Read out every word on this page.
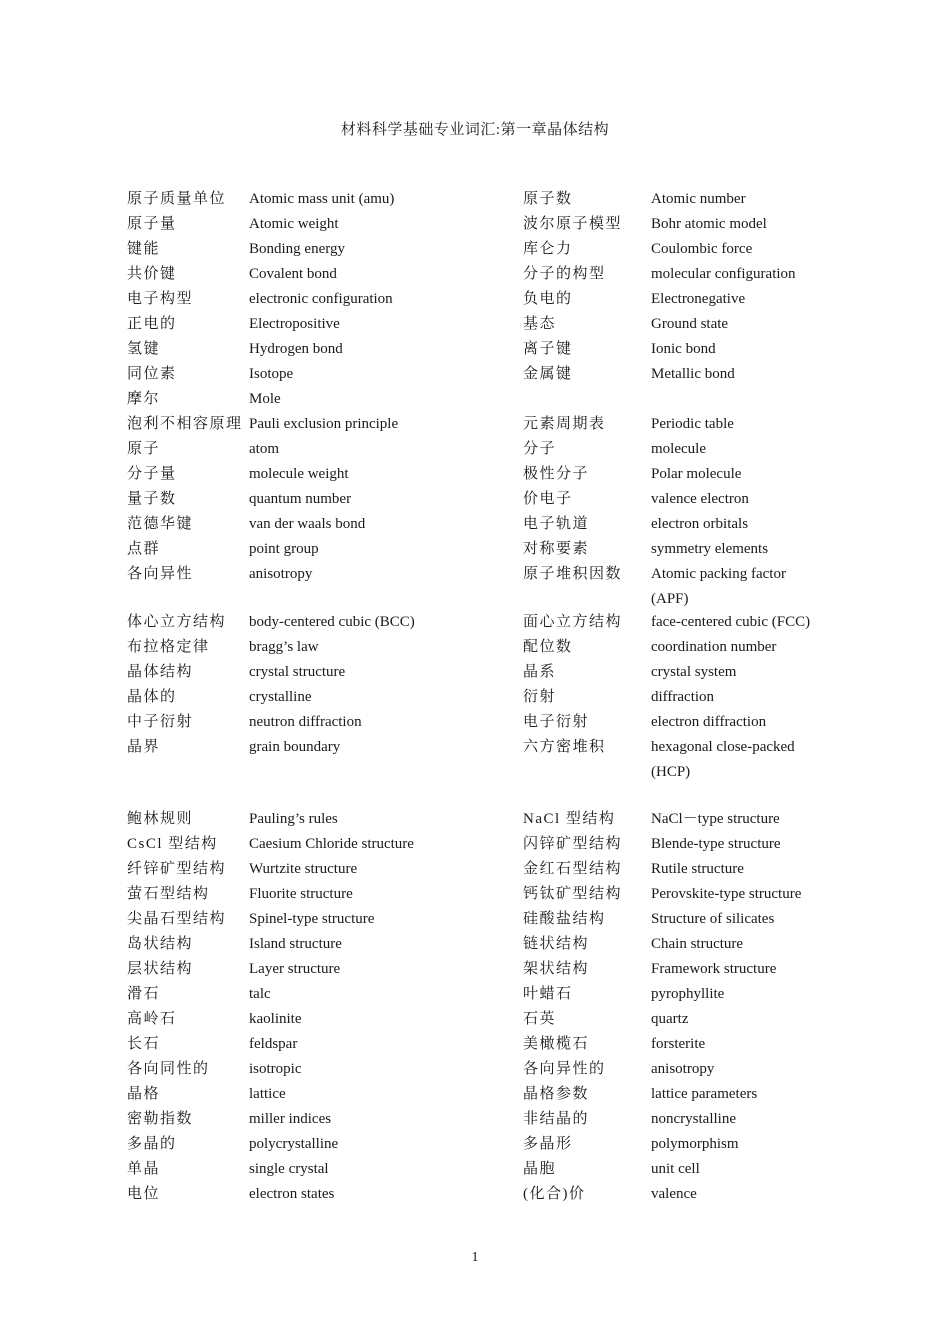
材料科学基础专业词汇:第一章晶体结构
原子质量单位 Atomic mass unit (amu)	原子数	Atomic number
原子量	Atomic weight	波尔原子模型 Bohr atomic model
键能	Bonding energy	库仑力	Coulombic force
共价键	Covalent bond	分子的构型	molecular configuration
电子构型	electronic configuration	负电的	Electronegative
正电的	Electropositive	基态	Ground state
氢键	Hydrogen bond	离子键	Ionic bond
同位素	Isotope	金属键	Metallic bond
摩尔	Mole
泡利不相容原理 Pauli exclusion principle	元素周期表	Periodic table
原子	atom	分子	molecule
分子量	molecule weight	极性分子	Polar molecule
量子数	quantum number	价电子	valence electron
范德华键	van der waals bond	电子轨道	electron orbitals
点群	point group	对称要素	symmetry elements
各向异性	anisotropy	原子堆积因数 Atomic packing factor (APF)
体心立方结构 body-centered cubic (BCC)	面心立方结构 face-centered cubic (FCC)
布拉格定律	bragg’s law	配位数	coordination number
晶体结构	crystal structure	晶系	crystal system
晶体的	crystalline	衍射	diffraction
中子衍射	neutron diffraction	电子衍射	electron diffraction
晶界	grain boundary	六方密堆积	hexagonal close-packed (HCP)
鲍林规则	Pauling’s rules	NaCl 型结构 NaCl－type structure
CsCl 型结构 Caesium Chloride structure	闪锌矿型结构 Blende-type structure
纤锌矿型结构 Wurtzite structure	金红石型结构 Rutile structure
萤石型结构	Fluorite structure	钙钛矿型结构 Perovskite-type structure
尖晶石型结构 Spinel-type structure	硅酸盐结构	Structure of silicates
岛状结构	Island structure	链状结构	Chain structure
层状结构	Layer structure	架状结构	Framework structure
滑石	talc	叶蜡石	pyrophyllite
高岭石	kaolinite	石英	quartz
长石	feldspar	美橄榄石	forsterite
各向同性的	isotropic	各向异性的	anisotropy
晶格	lattice	晶格参数	lattice parameters
密勒指数	miller indices	非结晶的	noncrystalline
多晶的	polycrystalline	多晶形	polymorphism
单晶	single crystal	晶胞	unit cell
电位	electron states	(化合)价	valence
1
